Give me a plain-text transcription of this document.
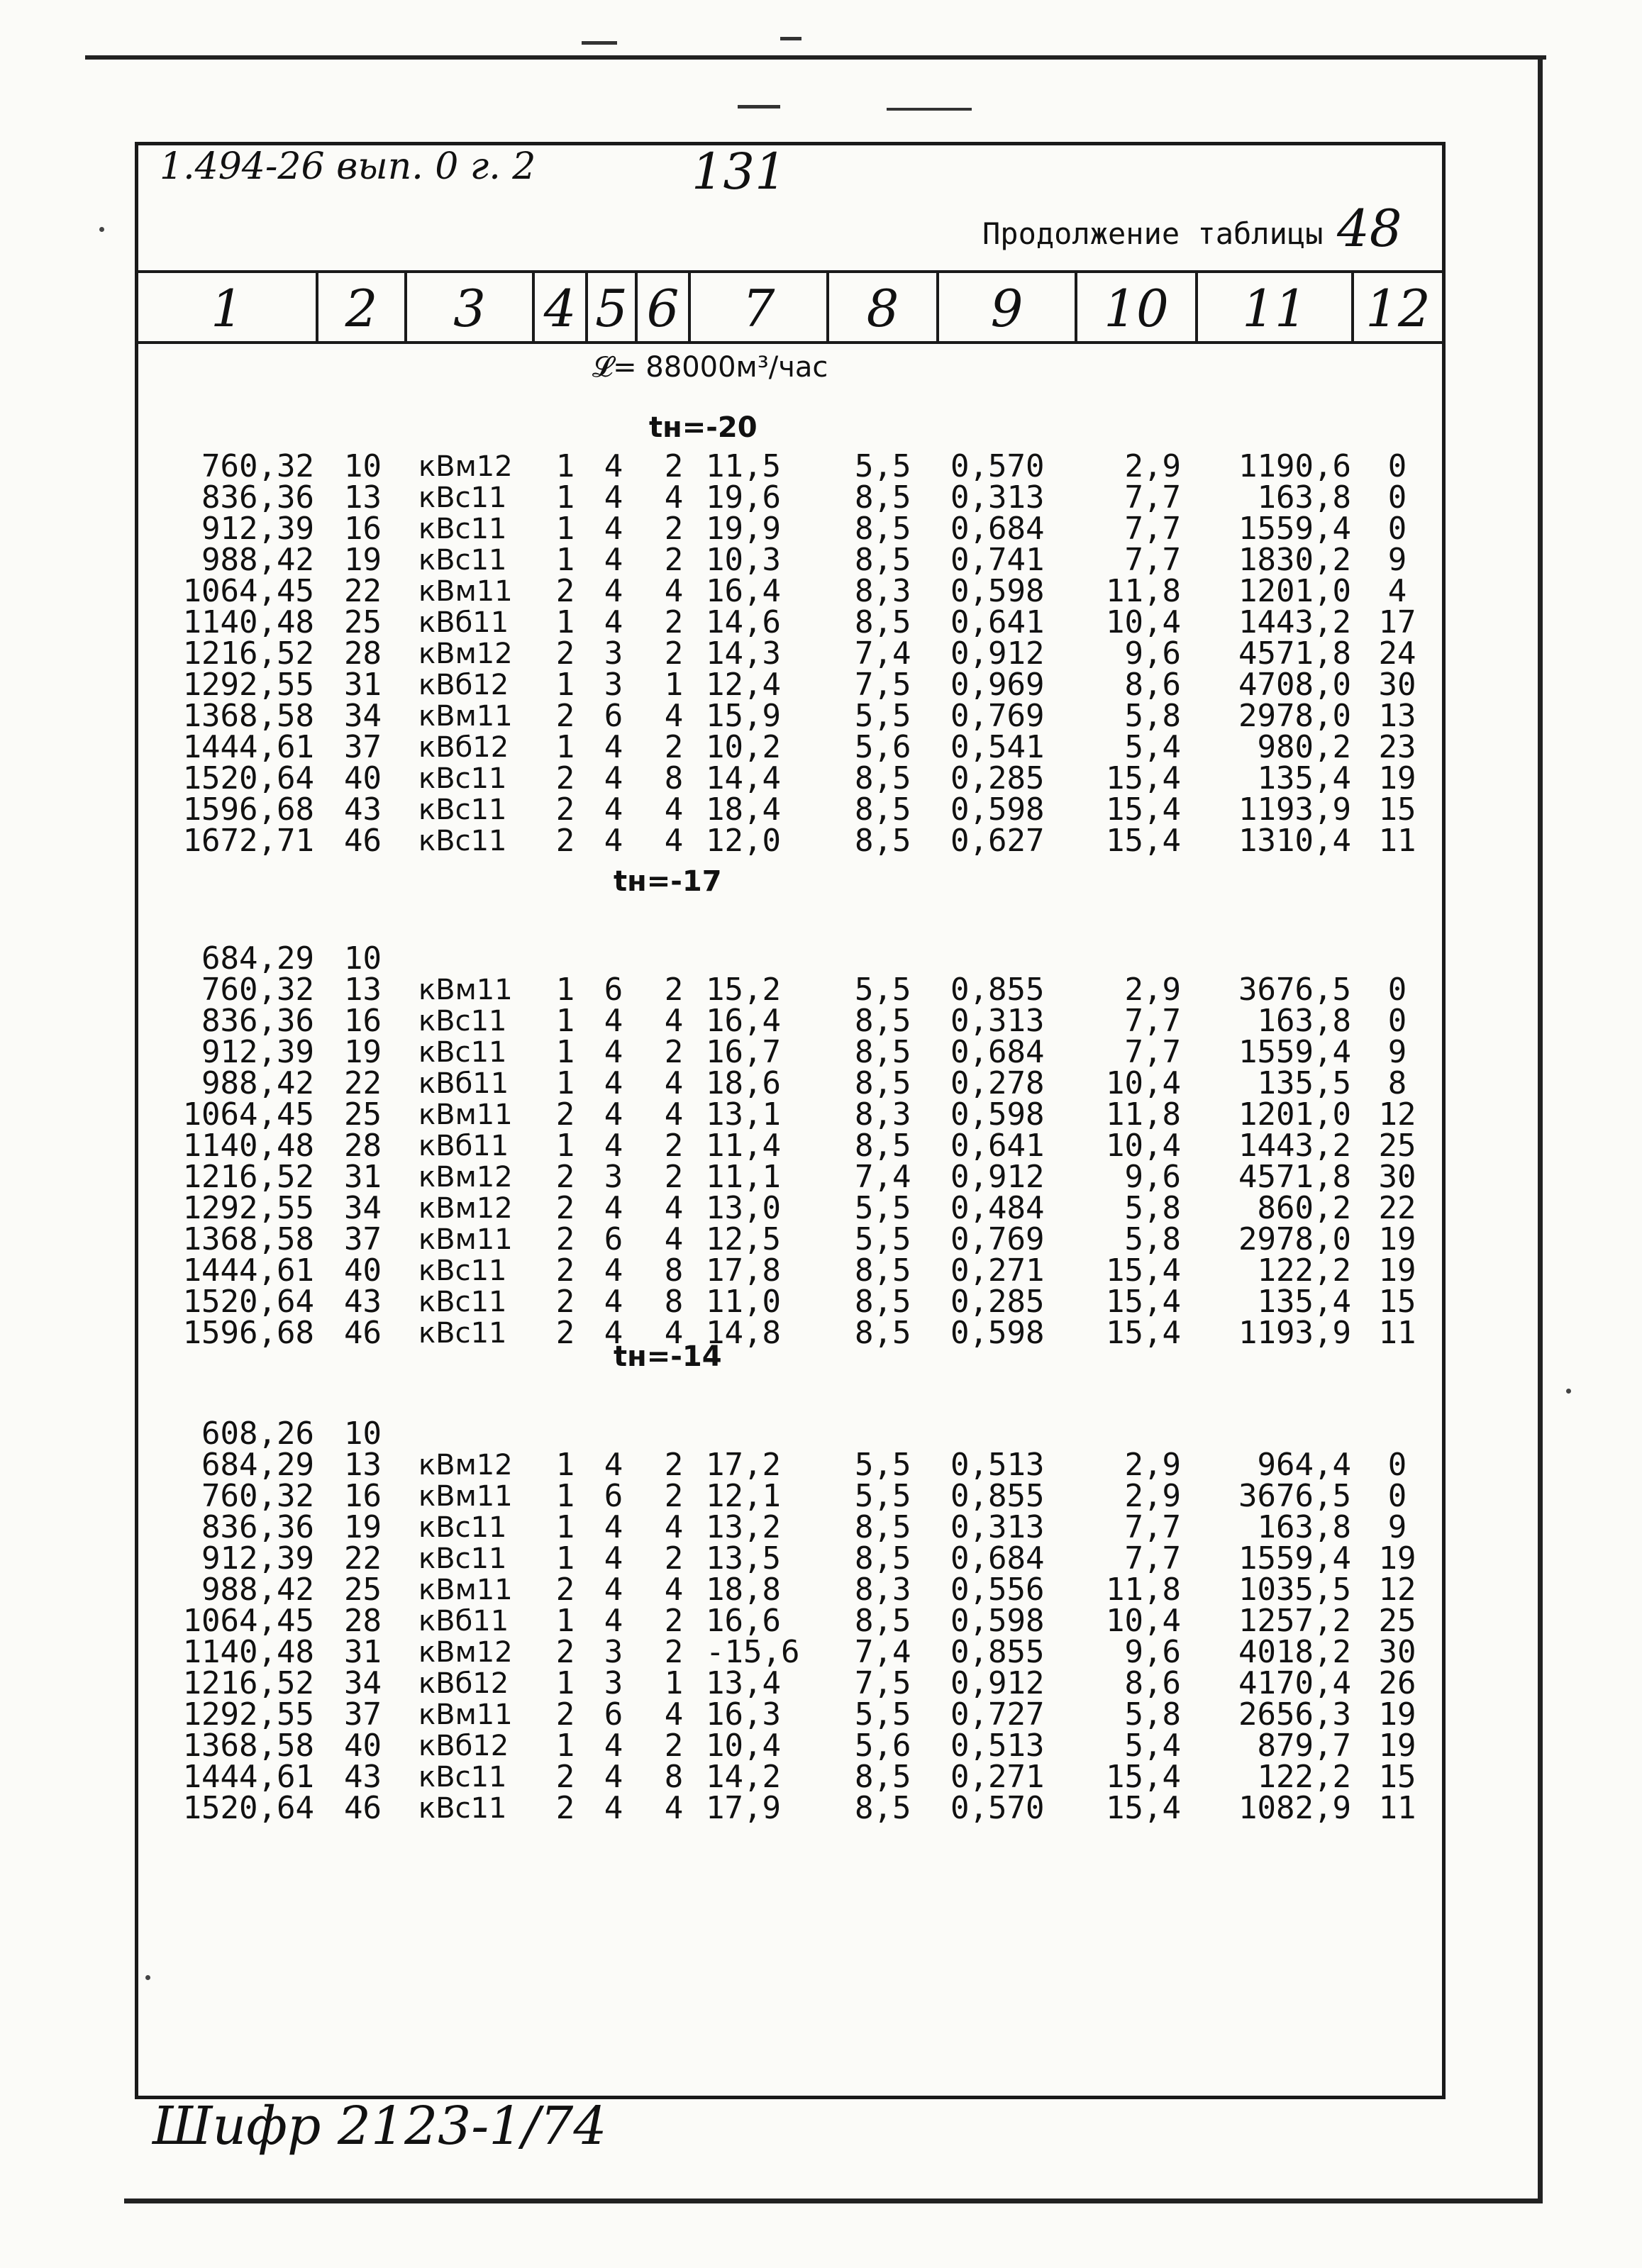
1.494-26 вып. 0 г. 2	131
Продолжение таблицы 48
1	2	3	4 5 6	7	8	9	10	11	12
𝓛= 88000м³/час
tн=-20
760,32 10	кВм12	1 4 2 11,5	5,5	0,570	2,9	1190,6	0
836,36 13	кВс11	1 4 4 19,6	8,5	0,313	7,7	163,8	0
912,39 16	кВс11	1 4 2 19,9	8,5	0,684	7,7	1559,4	0
988,42 19	кВс11	1 4 2 10,3	8,5	0,741	7,7	1830,2	9
1064,45 22	кВм11	2 4 4 16,4	8,3	0,598	11,8	1201,0	4
1140,48 25	кВб11	1 4 2 14,6	8,5	0,641	10,4	1443,2 17
1216,52 28	кВм12	2 3 2 14,3	7,4	0,912	9,6	4571,8 24
1292,55 31	кВб12	1 3 1 12,4	7,5	0,969	8,6	4708,0 30
1368,58 34	кВм11	2 6 4 15,9	5,5	0,769	5,8	2978,0 13
1444,61 37	кВб12	1 4 2 10,2	5,6	0,541	5,4	980,2 23
1520,64 40	кВс11	2 4 8 14,4	8,5	0,285	15,4	135,4 19
1596,68 43	кВс11	2 4 4 18,4	8,5	0,598	15,4	1193,9 15
1672,71 46	кВс11	2 4 4 12,0	8,5	0,627	15,4	1310,4 11
tн=-17
684,29 10
760,32 13	кВм11	1 6 2 15,2	5,5	0,855	2,9	3676,5	0
836,36 16	кВс11	1 4 4 16,4	8,5	0,313	7,7	163,8	0
912,39 19	кВс11	1 4 2 16,7	8,5	0,684	7,7	1559,4	9
988,42 22	кВб11	1 4 4 18,6	8,5	0,278	10,4	135,5	8
1064,45 25	кВм11	2 4 4 13,1	8,3	0,598	11,8	1201,0 12
1140,48 28	кВб11	1 4 2 11,4	8,5	0,641	10,4	1443,2 25
1216,52 31	кВм12	2 3 2 11,1	7,4	0,912	9,6	4571,8 30
1292,55 34	кВм12	2 4 4 13,0	5,5	0,484	5,8	860,2 22
1368,58 37	кВм11	2 6 4 12,5	5,5	0,769	5,8	2978,0 19
1444,61 40	кВс11	2 4 8 17,8	8,5	0,271	15,4	122,2 19
1520,64 43	кВс11	2 4 8 11,0	8,5	0,285	15,4	135,4 15
1596,68 46	кВс11	2 4 4 14,8	8,5	0,598	15,4	1193,9 11
tн=-14
608,26 10
684,29 13	кВм12	1 4 2 17,2	5,5	0,513	2,9	964,4	0
760,32 16	кВм11	1 6 2 12,1	5,5	0,855	2,9	3676,5	0
836,36 19	кВс11	1 4 4 13,2	8,5	0,313	7,7	163,8	9
912,39 22	кВс11	1 4 2 13,5	8,5	0,684	7,7	1559,4 19
988,42 25	кВм11	2 4 4 18,8	8,3	0,556	11,8	1035,5 12
1064,45 28	кВб11	1 4 2 16,6	8,5	0,598	10,4	1257,2 25
1140,48 31	кВм12	2 3 2 -15,6	7,4	0,855	9,6	4018,2 30
1216,52 34	кВб12	1 3 1 13,4	7,5	0,912	8,6	4170,4 26
1292,55 37	кВм11	2 6 4 16,3	5,5	0,727	5,8	2656,3 19
1368,58 40	кВб12	1 4 2 10,4	5,6	0,513	5,4	879,7 19
1444,61 43	кВс11	2 4 8 14,2	8,5	0,271	15,4	122,2 15
1520,64 46	кВс11	2 4 4 17,9	8,5	0,570	15,4	1082,9 11
Шифр 2123-1/74
